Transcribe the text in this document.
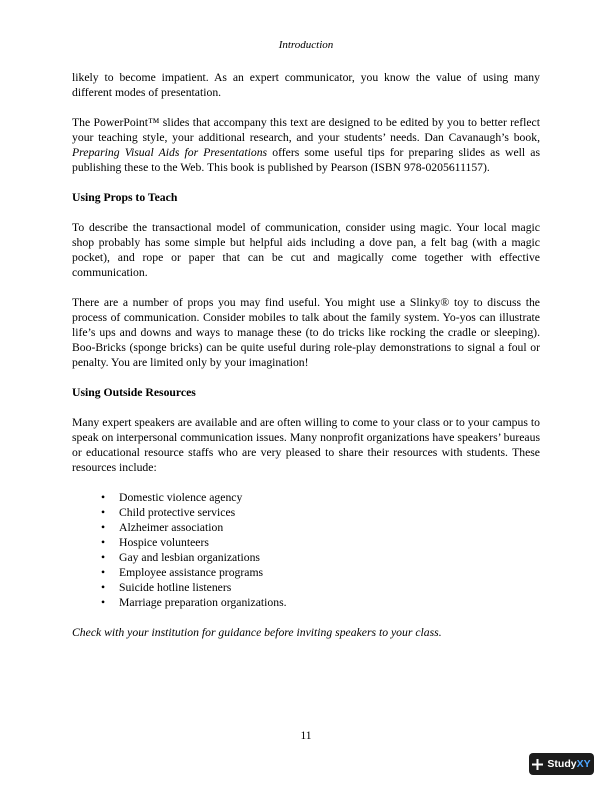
Introduction

likely to become impatient. As an expert communicator, you know the value of using many different modes of presentation.

The PowerPoint™ slides that accompany this text are designed to be edited by you to better reflect your teaching style, your additional research, and your students’ needs. Dan Cavanaugh’s book, Preparing Visual Aids for Presentations offers some useful tips for preparing slides as well as publishing these to the Web. This book is published by Pearson (ISBN 978-0205611157).

Using Props to Teach

To describe the transactional model of communication, consider using magic. Your local magic shop probably has some simple but helpful aids including a dove pan, a felt bag (with a magic pocket), and rope or paper that can be cut and magically come together with effective communication.

There are a number of props you may find useful. You might use a Slinky® toy to discuss the process of communication. Consider mobiles to talk about the family system. Yo-yos can illustrate life’s ups and downs and ways to manage these (to do tricks like rocking the cradle or sleeping). Boo-Bricks (sponge bricks) can be quite useful during role-play demonstrations to signal a foul or penalty. You are limited only by your imagination!

Using Outside Resources

Many expert speakers are available and are often willing to come to your class or to your campus to speak on interpersonal communication issues. Many nonprofit organizations have speakers’ bureaus or educational resource staffs who are very pleased to share their resources with students. These resources include:

• Domestic violence agency
• Child protective services
• Alzheimer association
• Hospice volunteers
• Gay and lesbian organizations
• Employee assistance programs
• Suicide hotline listeners
• Marriage preparation organizations.

Check with your institution for guidance before inviting speakers to your class.

11
StudyXY
